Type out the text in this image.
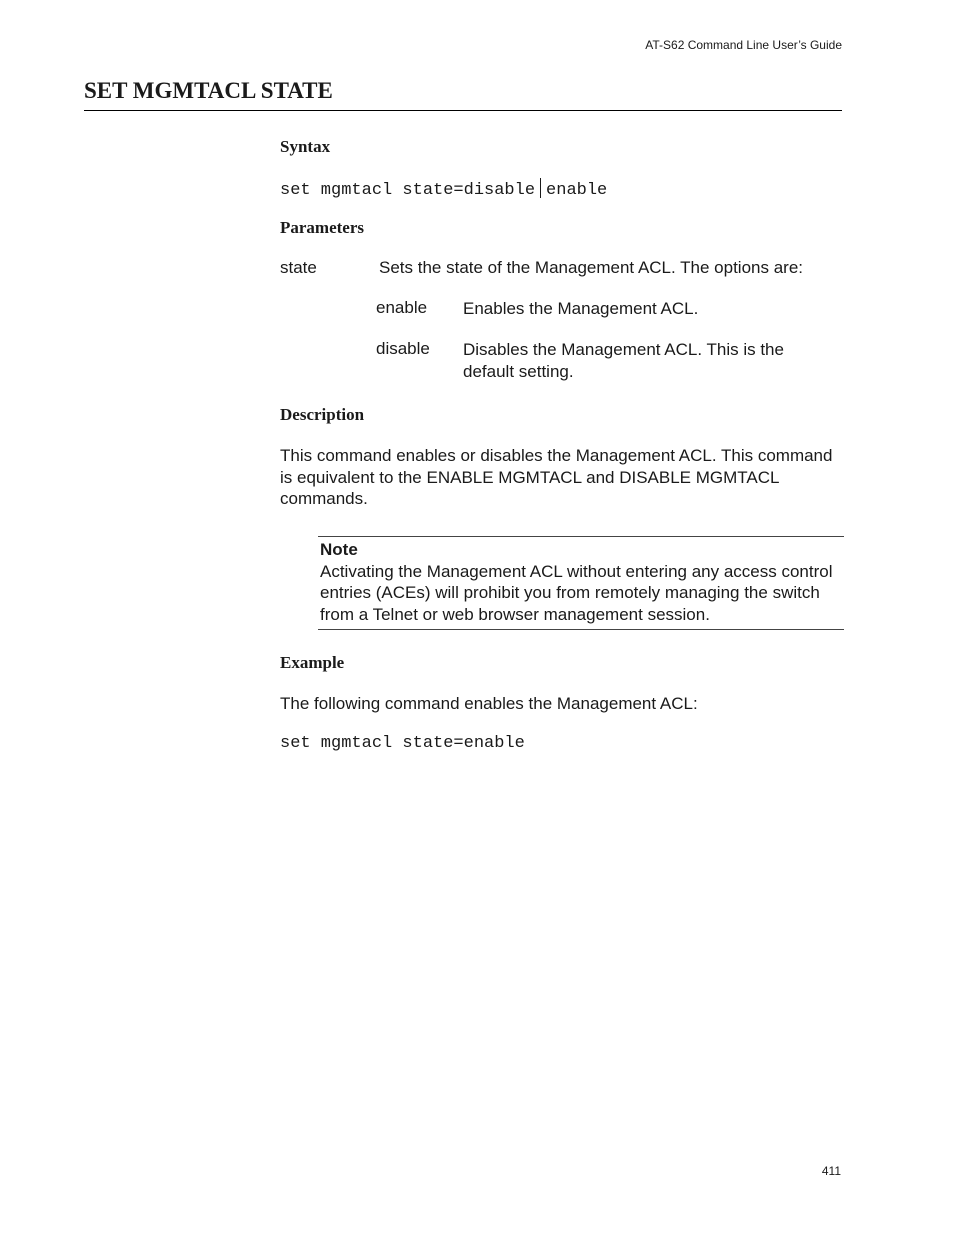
AT-S62 Command Line User’s Guide
SET MGMTACL STATE
Syntax
set mgmtacl state=disable enable
Parameters
state	Sets the state of the Management ACL. The options are:
enable Enables the Management ACL.
disable Disables the Management ACL. This is the default setting.
Description
This command enables or disables the Management ACL. This command is equivalent to the ENABLE MGMTACL and DISABLE MGMTACL commands.
Note
Activating the Management ACL without entering any access control entries (ACEs) will prohibit you from remotely managing the switch from a Telnet or web browser management session.
Example
The following command enables the Management ACL:
set mgmtacl state=enable
411
